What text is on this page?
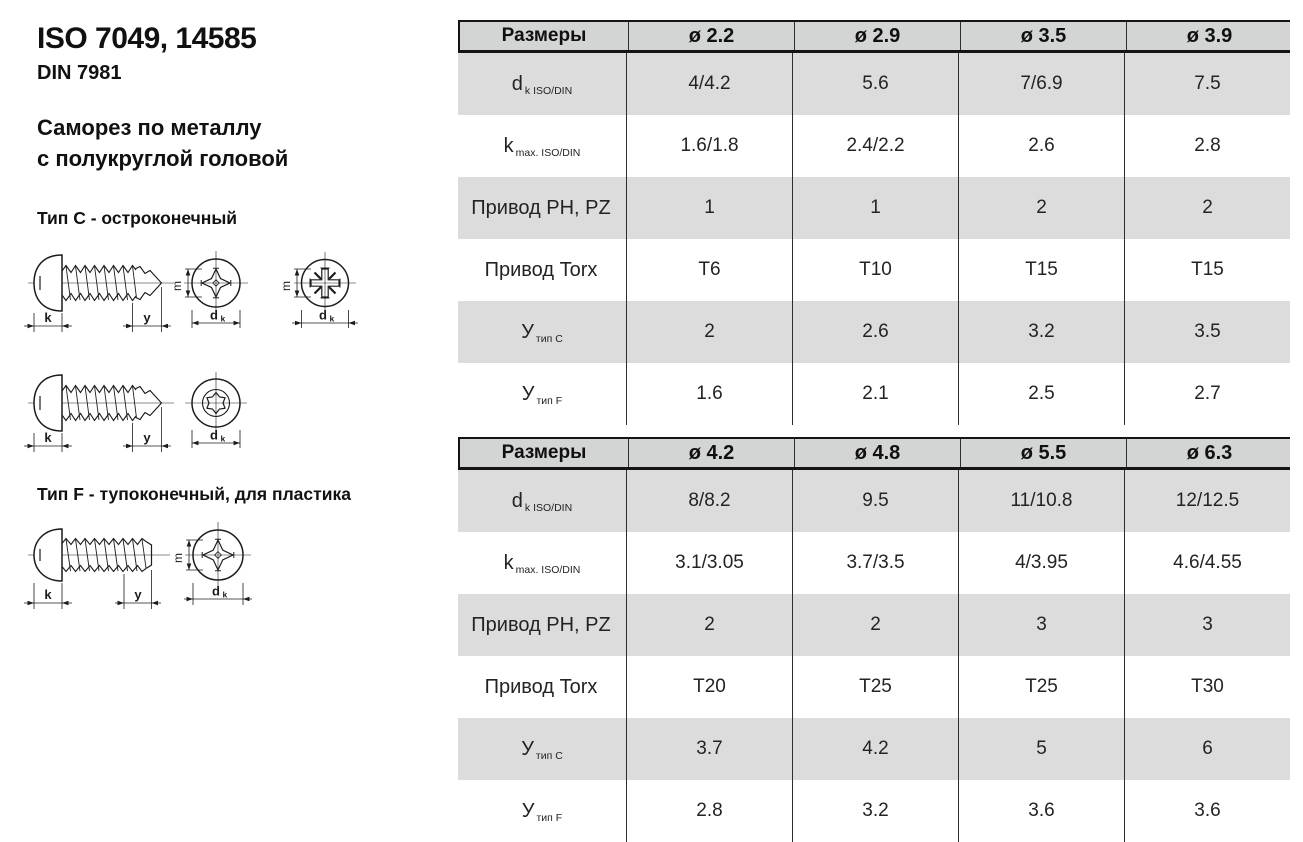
ISO 7049, 14585
DIN 7981
Саморез по металлу
с полукруглой головой
Тип C - остроконечный
Тип F - тупоконечный, для пластика
k	y
m
d k
m
d k
k	y	d k
k	y
m
d k
Размеры	ø 2.2	ø 2.9	ø 3.5	ø 3.9
d $_{k ISO/DIN}$	4/4.2	5.6	7/6.9	7.5
k $_{max. ISO/DIN}$	1.6/1.8	2.4/2.2	2.6	2.8
Привод PH, PZ	1	1	2	2
Привод Torx	T6	T10	T15	T15
У $_{тип C}$	2	2.6	3.2	3.5
У $_{тип F}$	1.6	2.1	2.5	2.7
Размеры	ø 4.2	ø 4.8	ø 5.5	ø 6.3
d $_{k ISO/DIN}$	8/8.2	9.5	11/10.8	12/12.5
k $_{max. ISO/DIN}$	3.1/3.05	3.7/3.5	4/3.95	4.6/4.55
Привод PH, PZ	2	2	3	3
Привод Torx	T20	T25	T25	T30
У $_{тип C}$	3.7	4.2	5	6
У $_{тип F}$	2.8	3.2	3.6	3.6
